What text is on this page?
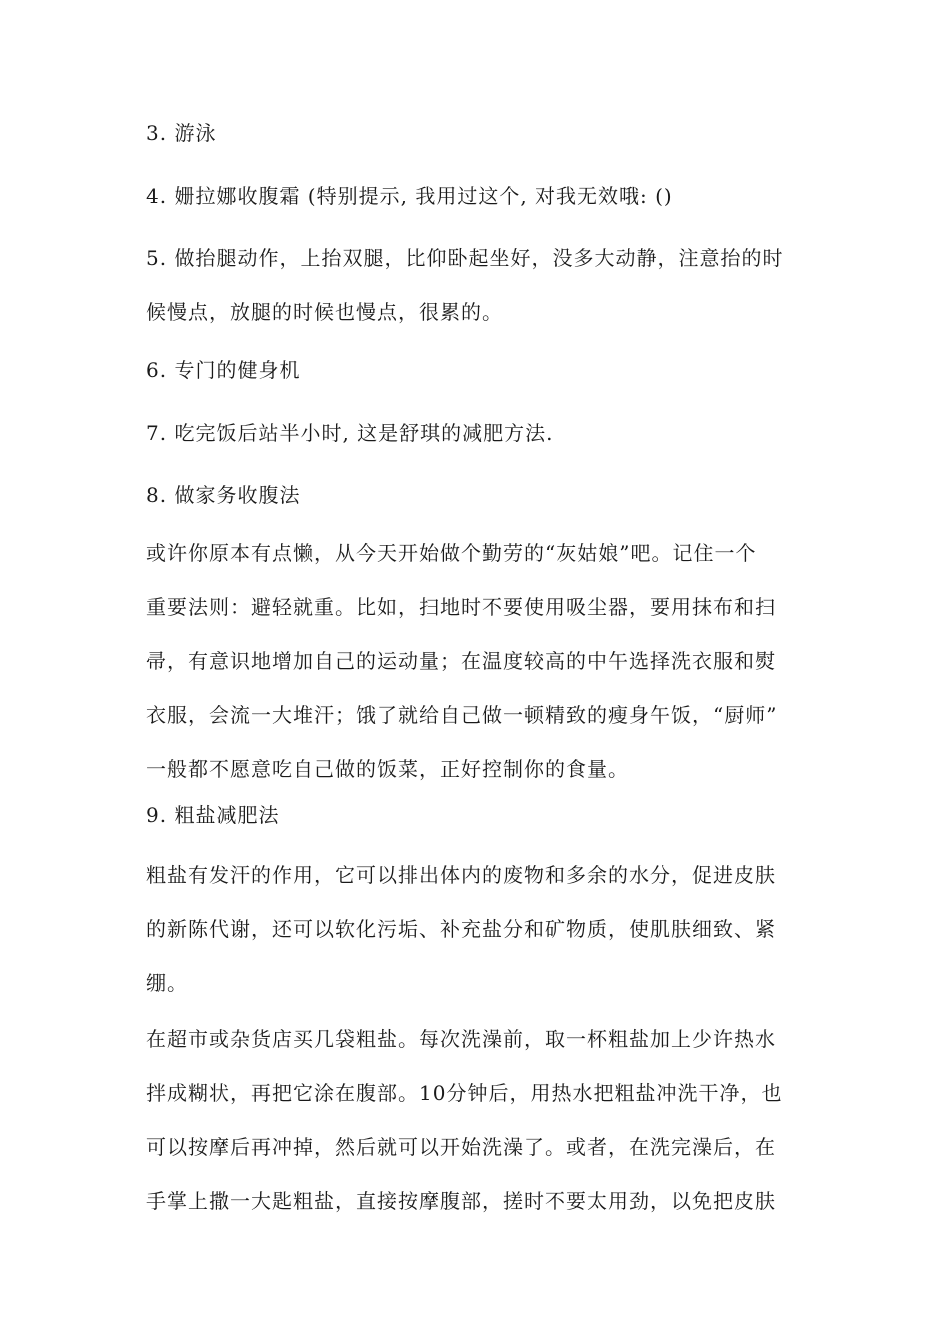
3. 游泳
4. 姗拉娜收腹霜 (特别提示, 我用过这个, 对我无效哦: ()
5. 做抬腿动作，上抬双腿，比仰卧起坐好，没多大动静，注意抬的时
候慢点，放腿的时候也慢点，很累的。
6. 专门的健身机
7. 吃完饭后站半小时, 这是舒琪的减肥方法.
8. 做家务收腹法
或许你原本有点懒，从今天开始做个勤劳的“灰姑娘”吧。记住一个
重要法则：避轻就重。比如，扫地时不要使用吸尘器，要用抹布和扫
帚，有意识地增加自己的运动量；在温度较高的中午选择洗衣服和熨
衣服，会流一大堆汗；饿了就给自己做一顿精致的瘦身午饭，“厨师”
一般都不愿意吃自己做的饭菜，正好控制你的食量。
9. 粗盐减肥法
粗盐有发汗的作用，它可以排出体内的废物和多余的水分，促进皮肤
的新陈代谢，还可以软化污垢、补充盐分和矿物质，使肌肤细致、紧
绷。
在超市或杂货店买几袋粗盐。每次洗澡前，取一杯粗盐加上少许热水
拌成糊状，再把它涂在腹部。10分钟后，用热水把粗盐冲洗干净，也
可以按摩后再冲掉，然后就可以开始洗澡了。或者，在洗完澡后，在
手掌上撒一大匙粗盐，直接按摩腹部，搓时不要太用劲，以免把皮肤
